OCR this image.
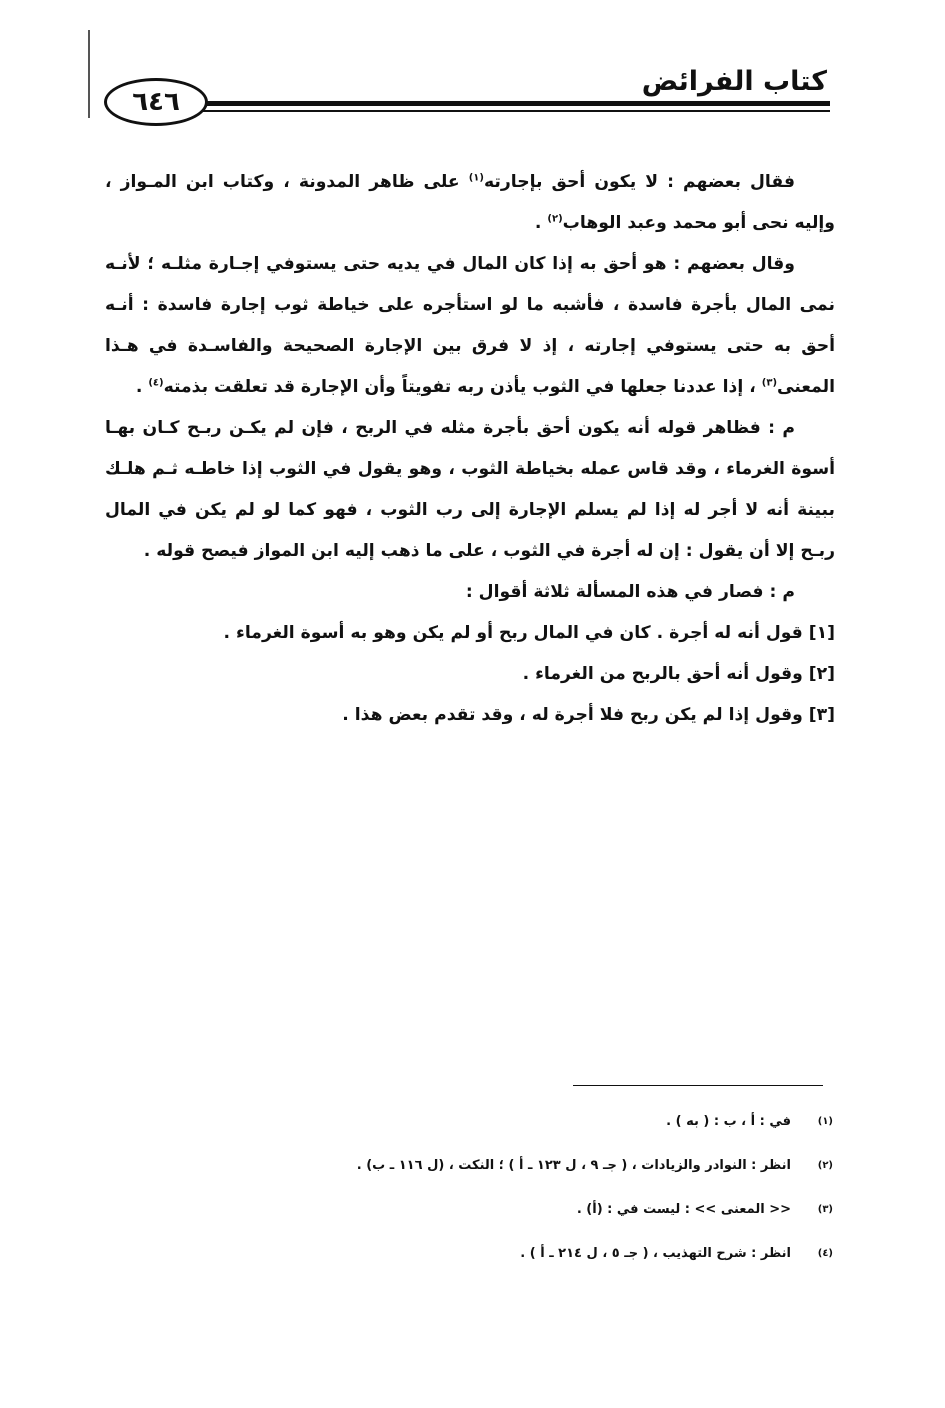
كتاب الفرائض
٦٤٦

فقال بعضهم : لا يكون أحق بإجارته$^{(١)}$ على ظاهر المدونة ، وكتاب ابن المـواز ، وإليه نحى أبو محمد وعبد الوهاب$^{(٢)}$ .

وقال بعضهم : هو أحق به إذا كان المال في يديه حتى يستوفي إجـارة مثلـه ؛ لأنـه نمى المال بأجرة فاسدة ، فأشبه ما لو استأجره على خياطة ثوب إجارة فاسدة : أنـه أحق به حتى يستوفي إجارته ، إذ لا فرق بين الإجارة الصحيحة والفاسـدة في هـذا المعنى$^{(٣)}$ ، إذا عددنا جعلها في الثوب يأذن ربه تفويتاً وأن الإجارة قد تعلقت بذمته$^{(٤)}$ .

م : فظاهر قوله أنه يكون أحق بأجرة مثله في الربح ، فإن لم يكـن ربـح كـان بهـا أسوة الغرماء ، وقد قاس عمله بخياطة الثوب ، وهو يقول في الثوب إذا خاطـه ثـم هلـك ببينة أنه لا أجر له إذا لم يسلم الإجارة إلى رب الثوب ، فهو كما لو لم يكن في المال ربـح إلا أن يقول : إن له أجرة في الثوب ، على ما ذهب إليه ابن المواز فيصح قوله .

م : فصار في هذه المسألة ثلاثة أقوال :

[١] قول أنه له أجرة . كان في المال ربح أو لم يكن وهو به أسوة الغرماء .

[٢] وقول أنه أحق بالربح من الغرماء .

[٣] وقول إذا لم يكن ربح فلا أجرة له ، وقد تقدم بعض هذا .

(١)
في : أ ، ب : ( به ) .
(٢)
انظر : النوادر والزيادات ، ( جـ ٩ ، ل ١٢٣ ـ أ ) ؛ النكت ، (ل ١١٦ ـ ب) .
(٣)
<< المعنى >> : ليست في : (أ) .
(٤)
انظر : شرح التهذيب ، ( جـ ٥ ، ل ٢١٤ ـ أ ) .
